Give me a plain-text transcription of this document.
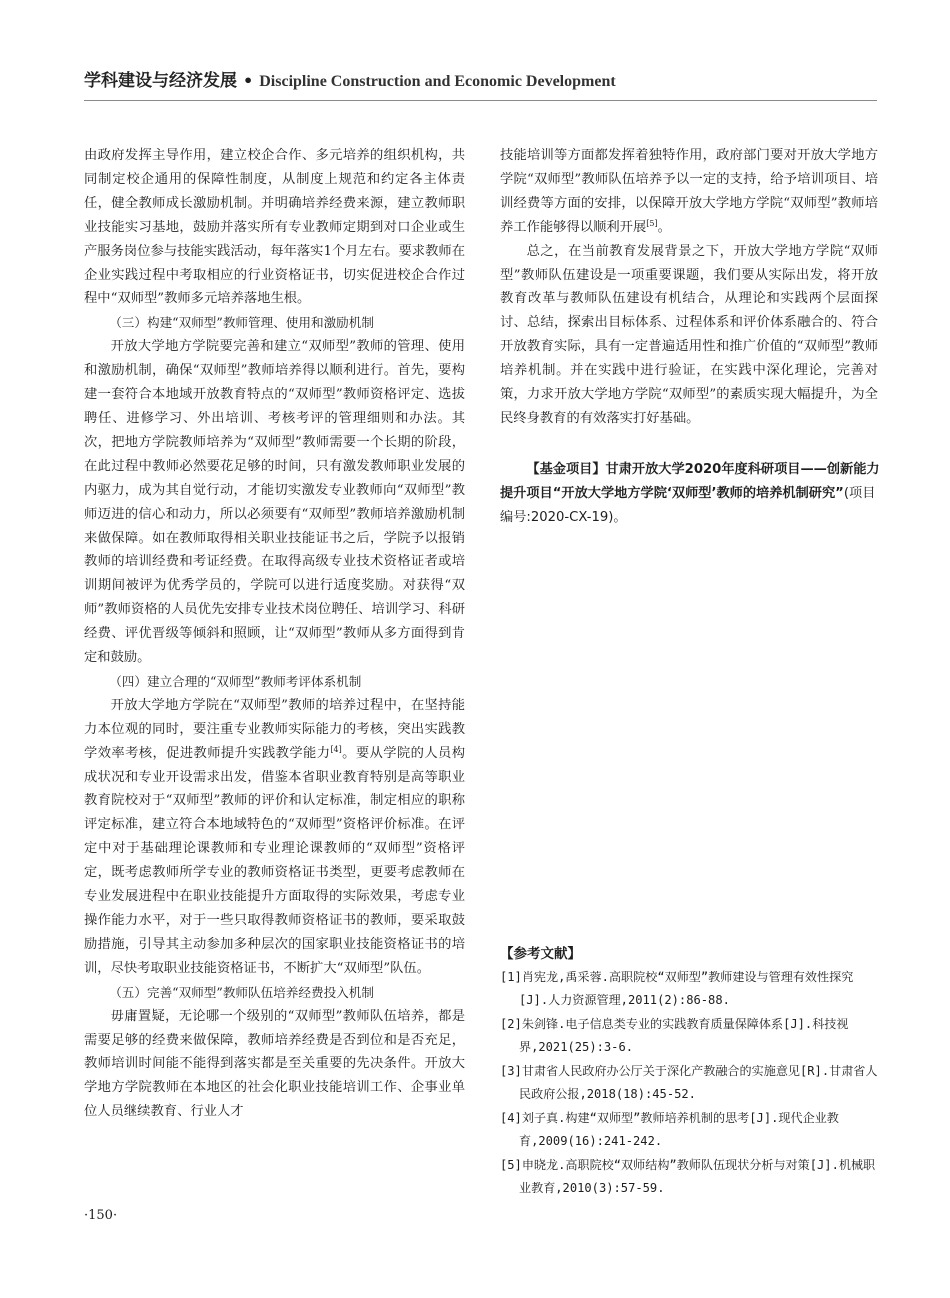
学科建设与经济发展 • Discipline Construction and Economic Development

由政府发挥主导作用，建立校企合作、多元培养的组织机构，共同制定校企通用的保障性制度，从制度上规范和约定各主体责任，健全教师成长激励机制。并明确培养经费来源，建立教师职业技能实习基地，鼓励并落实所有专业教师定期到对口企业或生产服务岗位参与技能实践活动，每年落实1个月左右。要求教师在企业实践过程中考取相应的行业资格证书，切实促进校企合作过程中“双师型”教师多元培养落地生根。

（三）构建“双师型”教师管理、使用和激励机制

开放大学地方学院要完善和建立“双师型”教师的管理、使用和激励机制，确保“双师型”教师培养得以顺利进行。首先，要构建一套符合本地域开放教育特点的“双师型”教师资格评定、选拔聘任、进修学习、外出培训、考核考评的管理细则和办法。其次，把地方学院教师培养为“双师型”教师需要一个长期的阶段，在此过程中教师必然要花足够的时间，只有激发教师职业发展的内驱力，成为其自觉行动，才能切实激发专业教师向“双师型”教师迈进的信心和动力，所以必须要有“双师型”教师培养激励机制来做保障。如在教师取得相关职业技能证书之后，学院予以报销教师的培训经费和考证经费。在取得高级专业技术资格证者或培训期间被评为优秀学员的，学院可以进行适度奖励。对获得“双师”教师资格的人员优先安排专业技术岗位聘任、培训学习、科研经费、评优晋级等倾斜和照顾，让“双师型”教师从多方面得到肯定和鼓励。

（四）建立合理的“双师型”教师考评体系机制

开放大学地方学院在“双师型”教师的培养过程中，在坚持能力本位观的同时，要注重专业教师实际能力的考核，突出实践教学效率考核，促进教师提升实践教学能力[4]。要从学院的人员构成状况和专业开设需求出发，借鉴本省职业教育特别是高等职业教育院校对于“双师型”教师的评价和认定标准，制定相应的职称评定标准，建立符合本地域特色的“双师型”资格评价标准。在评定中对于基础理论课教师和专业理论课教师的“双师型”资格评定，既考虑教师所学专业的教师资格证书类型，更要考虑教师在专业发展进程中在职业技能提升方面取得的实际效果，考虑专业操作能力水平，对于一些只取得教师资格证书的教师，要采取鼓励措施，引导其主动参加多种层次的国家职业技能资格证书的培训，尽快考取职业技能资格证书，不断扩大“双师型”队伍。

（五）完善“双师型”教师队伍培养经费投入机制

毋庸置疑，无论哪一个级别的“双师型”教师队伍培养，都是需要足够的经费来做保障，教师培养经费是否到位和是否充足，教师培训时间能不能得到落实都是至关重要的先决条件。开放大学地方学院教师在本地区的社会化职业技能培训工作、企事业单位人员继续教育、行业人才

技能培训等方面都发挥着独特作用，政府部门要对开放大学地方学院“双师型”教师队伍培养予以一定的支持，给予培训项目、培训经费等方面的安排，以保障开放大学地方学院“双师型”教师培养工作能够得以顺利开展[5]。

总之，在当前教育发展背景之下，开放大学地方学院“双师型”教师队伍建设是一项重要课题，我们要从实际出发，将开放教育改革与教师队伍建设有机结合，从理论和实践两个层面探讨、总结，探索出目标体系、过程体系和评价体系融合的、符合开放教育实际，具有一定普遍适用性和推广价值的“双师型”教师培养机制。并在实践中进行验证，在实践中深化理论，完善对策，力求开放大学地方学院“双师型”的素质实现大幅提升，为全民终身教育的有效落实打好基础。

【基金项目】甘肃开放大学2020年度科研项目——创新能力提升项目“开放大学地方学院‘双师型’教师的培养机制研究”(项目编号:2020-CX-19)。
【参考文献】
[1]肖宪龙,禹采蓉.高职院校“双师型”教师建设与管理有效性探究[J].人力资源管理,2011(2):86-88.
[2]朱剑锋.电子信息类专业的实践教育质量保障体系[J].科技视界,2021(25):3-6.
[3]甘肃省人民政府办公厅关于深化产教融合的实施意见[R].甘肃省人民政府公报,2018(18):45-52.
[4]刘子真.构建“双师型”教师培养机制的思考[J].现代企业教育,2009(16):241-242.
[5]申晓龙.高职院校“双师结构”教师队伍现状分析与对策[J].机械职业教育,2010(3):57-59.
·150·
